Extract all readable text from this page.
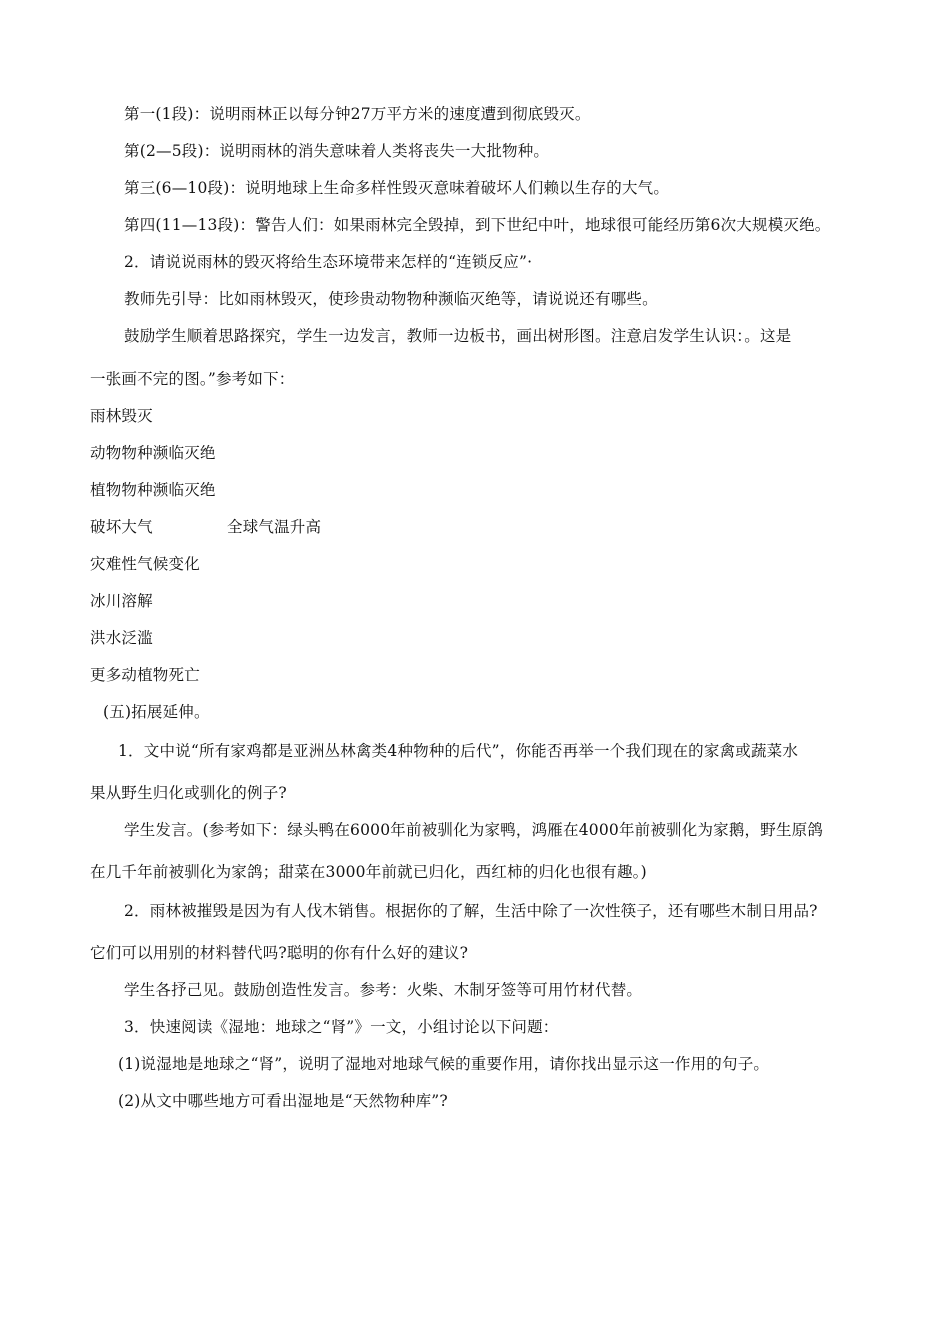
第一(1段)：说明雨林正以每分钟27万平方米的速度遭到彻底毁灭。
第(2—5段)：说明雨林的消失意味着人类将丧失一大批物种。
第三(6—10段)：说明地球上生命多样性毁灭意味着破坏人们赖以生存的大气。
第四(11—13段)：警告人们：如果雨林完全毁掉，到下世纪中叶，地球很可能经历第6次大规模灭绝。
2．请说说雨林的毁灭将给生态环境带来怎样的“连锁反应”·
教师先引导：比如雨林毁灭，使珍贵动物物种濒临灭绝等，请说说还有哪些。
鼓励学生顺着思路探究，学生一边发言，教师一边板书，画出树形图。注意启发学生认识：。这是
一张画不完的图。”参考如下：
雨林毁灭
动物物种濒临灭绝
植物物种濒临灭绝
破坏大气	全球气温升高
灾难性气候变化
冰川溶解
洪水泛滥
更多动植物死亡
(五)拓展延伸。
1．文中说“所有家鸡都是亚洲丛林禽类4种物种的后代”，你能否再举一个我们现在的家禽或蔬菜水
果从野生归化或驯化的例子?
学生发言。(参考如下：绿头鸭在6000年前被驯化为家鸭，鸿雁在4000年前被驯化为家鹅，野生原鸽
在几千年前被驯化为家鸽；甜菜在3000年前就已归化，西红柿的归化也很有趣。)
2．雨林被摧毁是因为有人伐木销售。根据你的了解，生活中除了一次性筷子，还有哪些木制日用品?
它们可以用别的材料替代吗?聪明的你有什么好的建议?
学生各抒己见。鼓励创造性发言。参考：火柴、木制牙签等可用竹材代替。
3．快速阅读《湿地：地球之“肾”》一文，小组讨论以下问题：
(1)说湿地是地球之“肾”，说明了湿地对地球气候的重要作用，请你找出显示这一作用的句子。
(2)从文中哪些地方可看出湿地是“天然物种库”?
